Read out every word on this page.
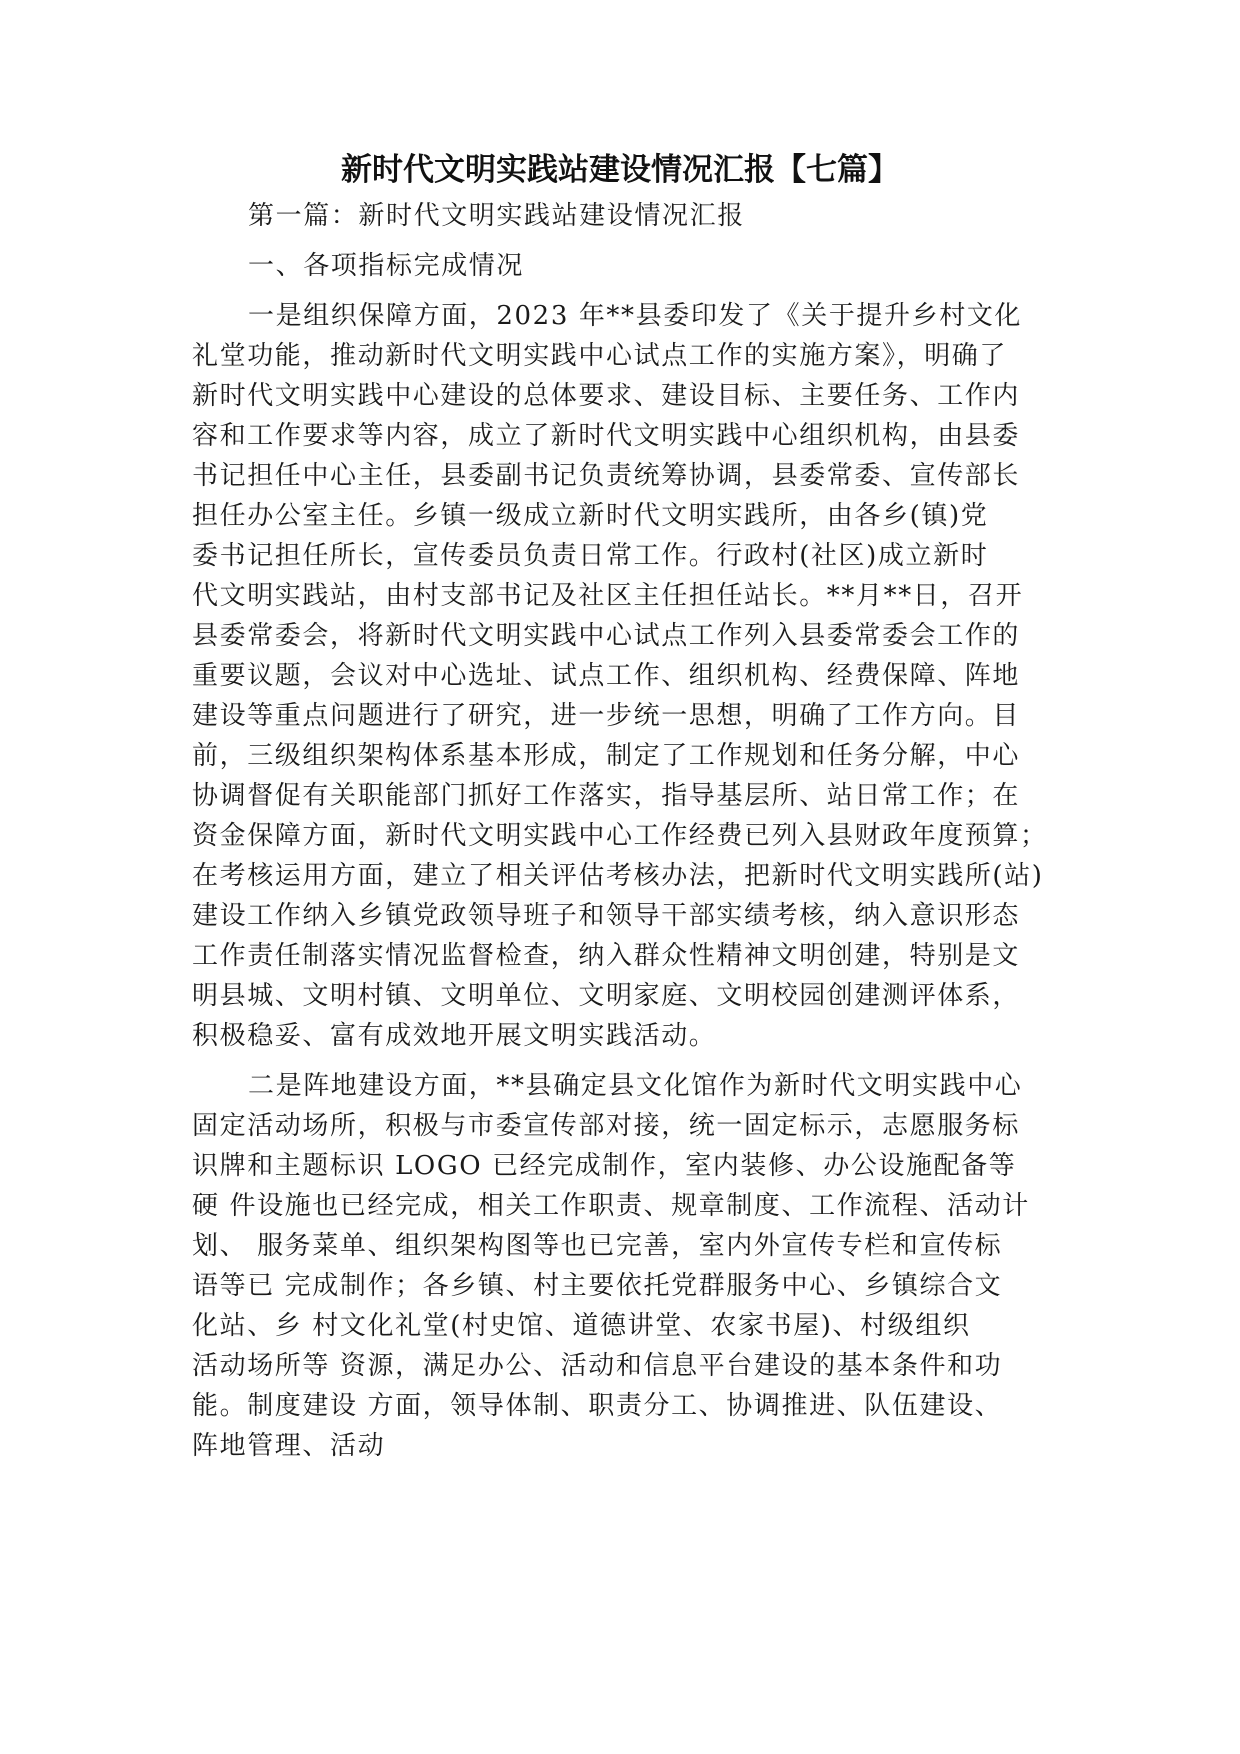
新时代文明实践站建设情况汇报【七篇】
第一篇：新时代文明实践站建设情况汇报
一、各项指标完成情况
一是组织保障方面，2023 年**县委印发了《关于提升乡村文化
礼堂功能，推动新时代文明实践中心试点工作的实施方案》，明确了
新时代文明实践中心建设的总体要求、建设目标、主要任务、工作内
容和工作要求等内容，成立了新时代文明实践中心组织机构，由县委
书记担任中心主任，县委副书记负责统筹协调，县委常委、宣传部长
担任办公室主任。乡镇一级成立新时代文明实践所，由各乡(镇)党
委书记担任所长，宣传委员负责日常工作。行政村(社区)成立新时
代文明实践站，由村支部书记及社区主任担任站长。**月**日，召开
县委常委会，将新时代文明实践中心试点工作列入县委常委会工作的
重要议题，会议对中心选址、试点工作、组织机构、经费保障、阵地
建设等重点问题进行了研究，进一步统一思想，明确了工作方向。目
前，三级组织架构体系基本形成，制定了工作规划和任务分解，中心
协调督促有关职能部门抓好工作落实，指导基层所、站日常工作；在
资金保障方面，新时代文明实践中心工作经费已列入县财政年度预算；
在考核运用方面，建立了相关评估考核办法，把新时代文明实践所(站)
建设工作纳入乡镇党政领导班子和领导干部实绩考核，纳入意识形态
工作责任制落实情况监督检查，纳入群众性精神文明创建，特别是文
明县城、文明村镇、文明单位、文明家庭、文明校园创建测评体系，
积极稳妥、富有成效地开展文明实践活动。
二是阵地建设方面，**县确定县文化馆作为新时代文明实践中心
固定活动场所，积极与市委宣传部对接，统一固定标示，志愿服务标
识牌和主题标识 LOGO 已经完成制作，室内装修、办公设施配备等
硬 件设施也已经完成，相关工作职责、规章制度、工作流程、活动计
划、 服务菜单、组织架构图等也已完善，室内外宣传专栏和宣传标
语等已 完成制作；各乡镇、村主要依托党群服务中心、乡镇综合文
化站、乡 村文化礼堂(村史馆、道德讲堂、农家书屋)、村级组织
活动场所等 资源，满足办公、活动和信息平台建设的基本条件和功
能。制度建设 方面，领导体制、职责分工、协调推进、队伍建设、
阵地管理、活动
